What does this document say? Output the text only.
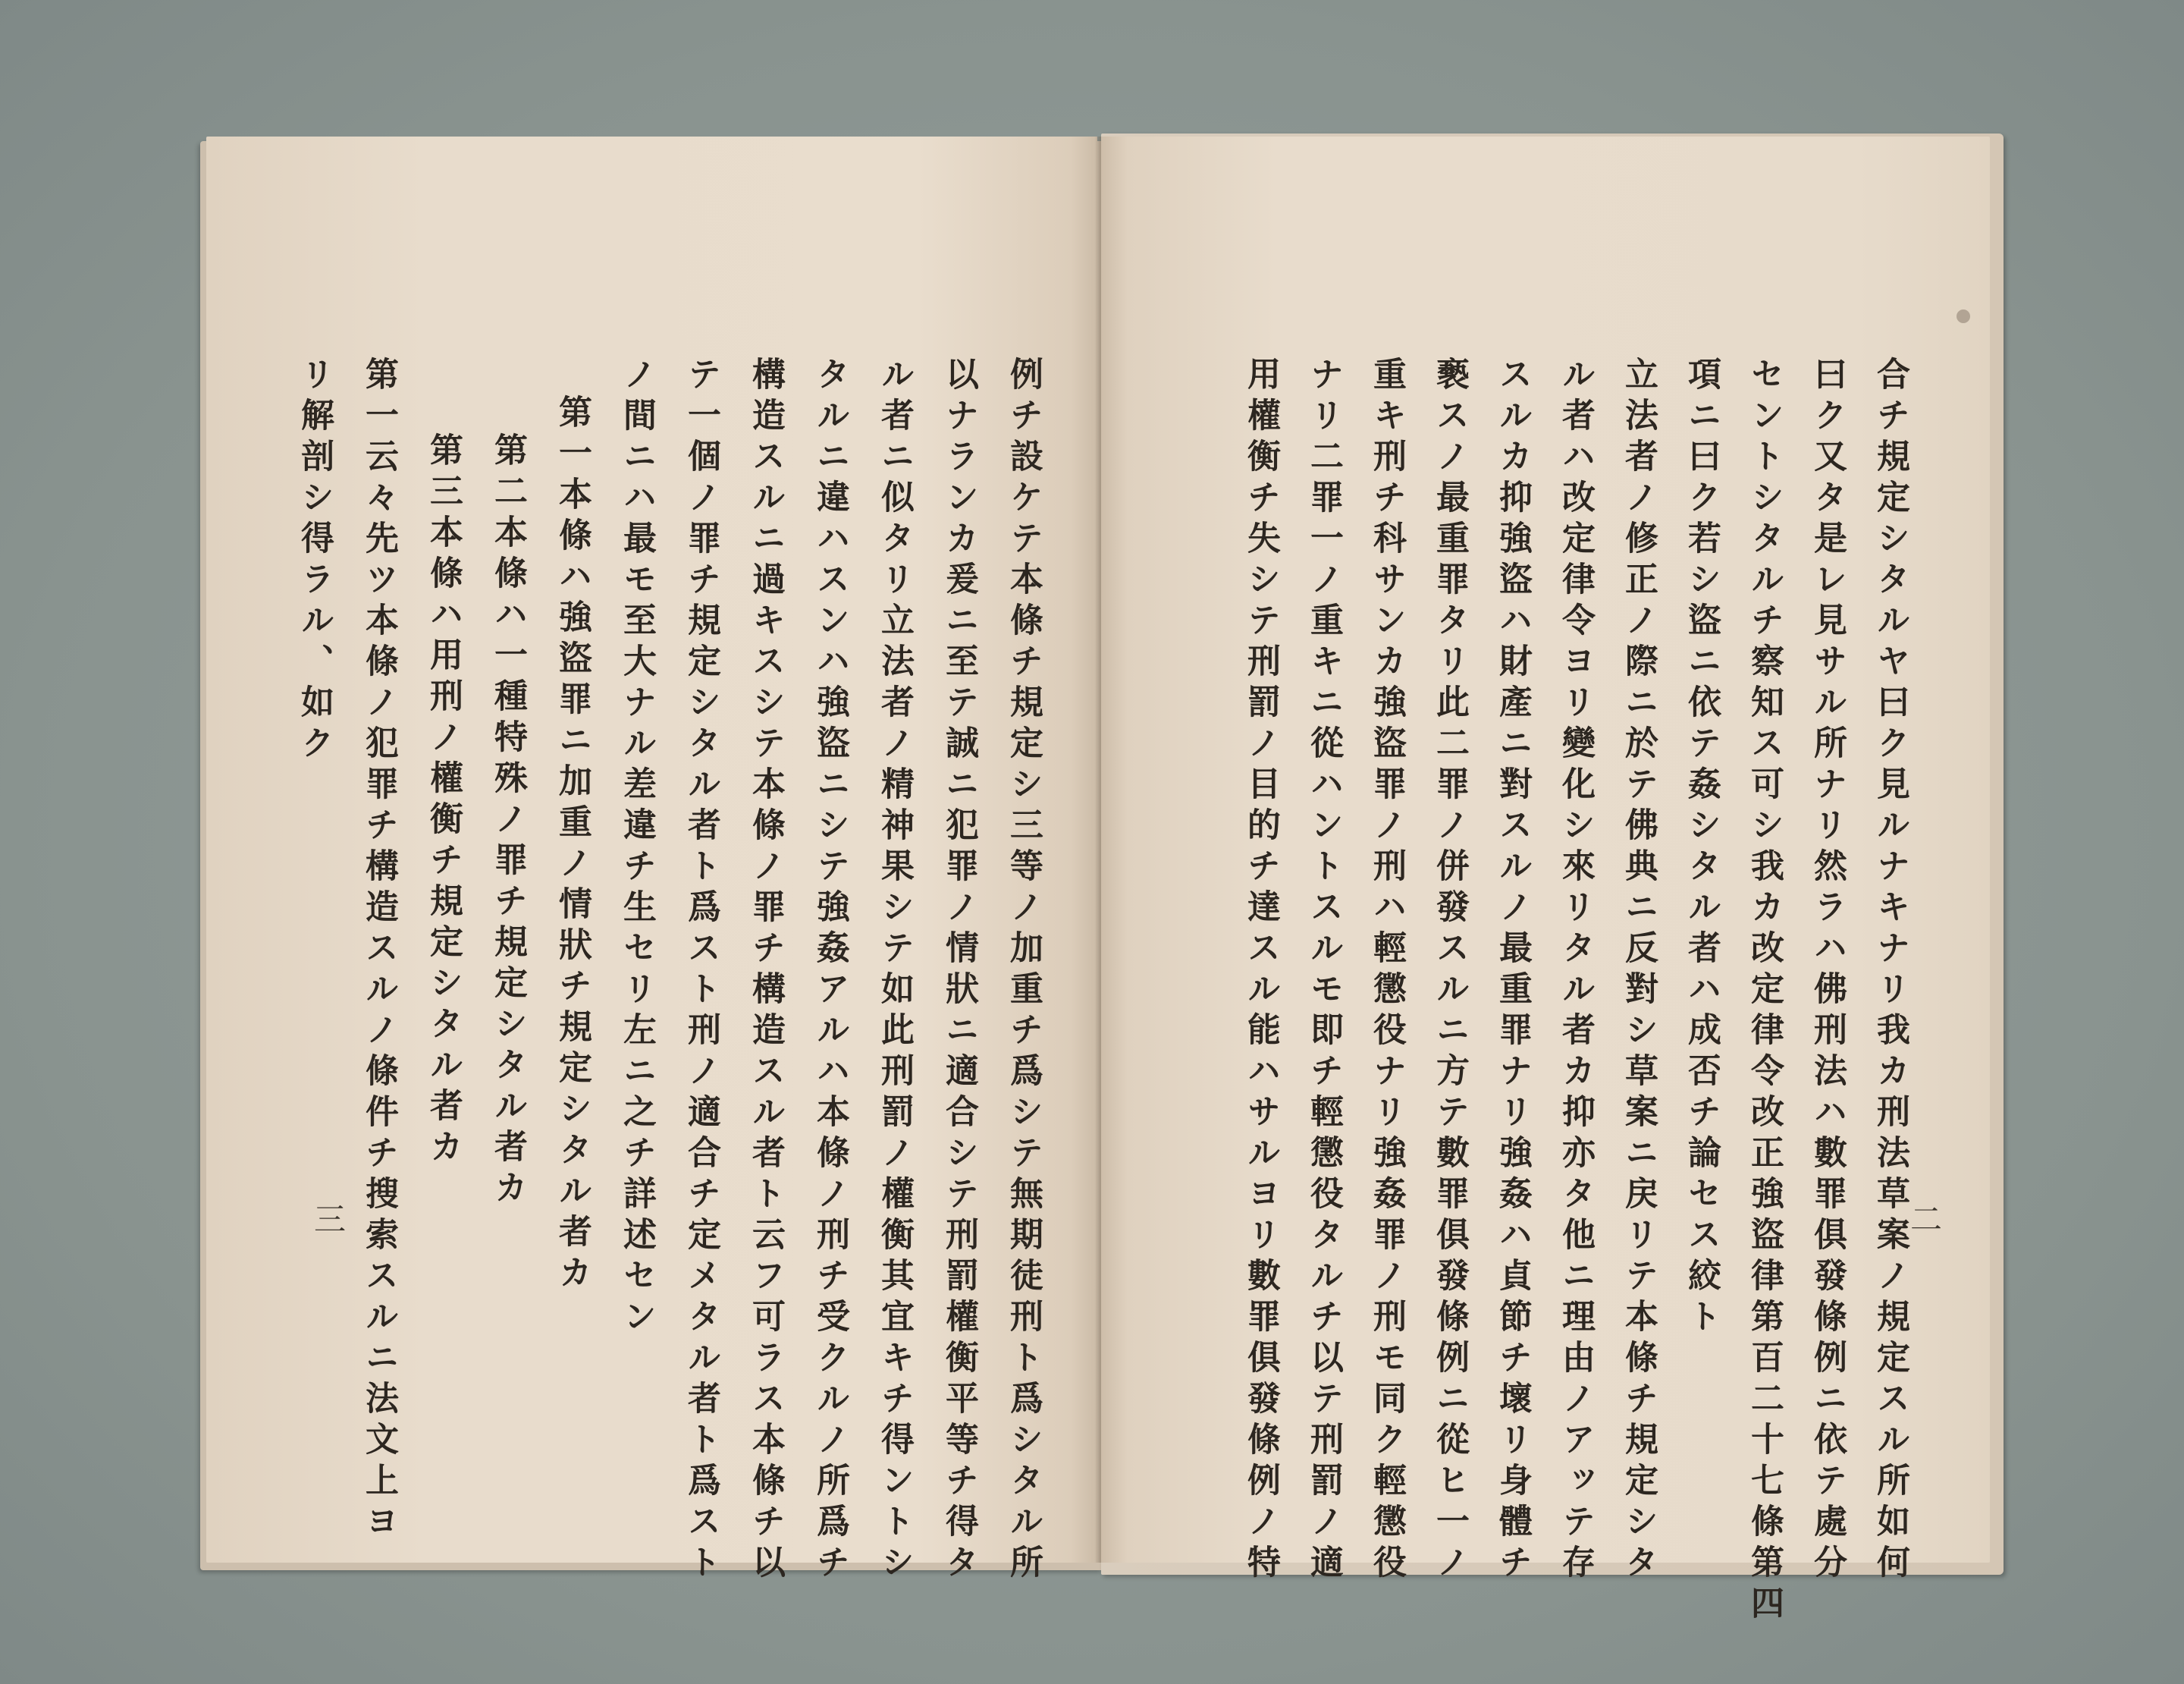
例チ設ケテ本條チ規定シ三等ノ加重チ爲シテ無期徒刑ト爲シタル所
以ナランカ爰ニ至テ誠ニ犯罪ノ情狀ニ適合シテ刑罰權衡平等チ得タ
ル者ニ似タリ立法者ノ精神果シテ如此刑罰ノ權衡其宜キチ得ントシ
タルニ違ハスンハ強盜ニシテ強姦アルハ本條ノ刑チ受クルノ所爲チ
構造スルニ過キスシテ本條ノ罪チ構造スル者ト云フ可ラス本條チ以
テ一個ノ罪チ規定シタル者ト爲スト刑ノ適合チ定メタル者ト爲スト
ノ間ニハ最モ至大ナル差違チ生セリ左ニ之チ詳述セン
第一本條ハ強盜罪ニ加重ノ情狀チ規定シタル者カ
第二本條ハ一種特殊ノ罪チ規定シタル者カ
第三本條ハ用刑ノ權衡チ規定シタル者カ
第一云々先ツ本條ノ犯罪チ構造スルノ條件チ搜索スルニ法文上ヨ
リ解剖シ得ラル、如ク
三	合チ規定シタルヤ曰ク見ルナキナリ我カ刑法草案ノ規定スル所如何
曰ク又タ是レ見サル所ナリ然ラハ佛刑法ハ數罪俱發條例ニ依テ處分
セントシタルチ察知ス可シ我カ改定律令改正強盜律第百二十七條第四
項ニ曰ク若シ盜ニ依テ姦シタル者ハ成否チ論セス絞ト
立法者ノ修正ノ際ニ於テ佛典ニ反對シ草案ニ戻リテ本條チ規定シタ
ル者ハ改定律令ヨリ變化シ來リタル者カ抑亦タ他ニ理由ノアッテ存
スルカ抑強盜ハ財產ニ對スルノ最重罪ナリ強姦ハ貞節チ壞リ身體チ
褻スノ最重罪タリ此二罪ノ併發スルニ方テ數罪俱發條例ニ從ヒ一ノ
重キ刑チ科サンカ強盜罪ノ刑ハ輕懲役ナリ強姦罪ノ刑モ同ク輕懲役
ナリ二罪一ノ重キニ從ハントスルモ即チ輕懲役タルチ以テ刑罰ノ適
用權衡チ失シテ刑罰ノ目的チ達スル能ハサルヨリ數罪俱發條例ノ特	二
